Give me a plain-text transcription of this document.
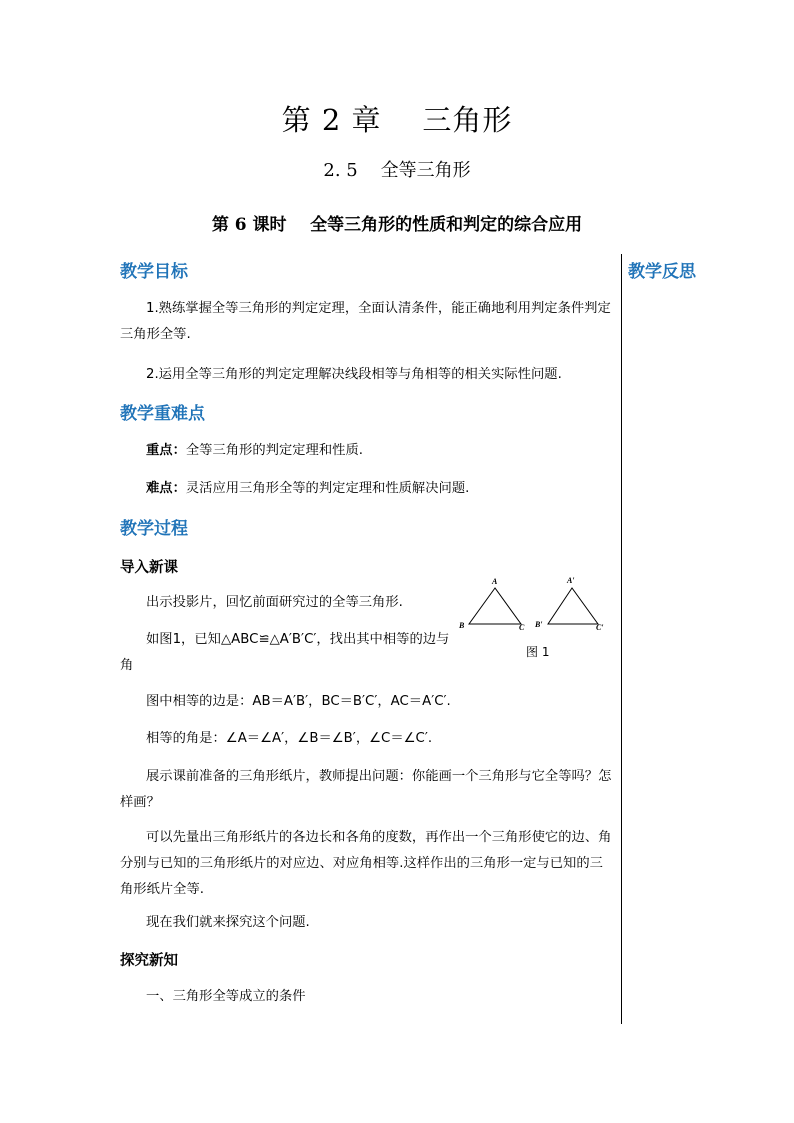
第 2 章    三角形
2. 5    全等三角形
第 6 课时    全等三角形的性质和判定的综合应用
教学反思
教学目标
1.熟练掌握全等三角形的判定定理，全面认清条件，能正确地利用判定条件判定三角形全等.
2.运用全等三角形的判定定理解决线段相等与角相等的相关实际性问题.
教学重难点
重点：全等三角形的判定定理和性质.
难点：灵活应用三角形全等的判定定理和性质解决问题.
教学过程
导入新课
出示投影片，回忆前面研究过的全等三角形.
如图1，已知△ABC≌△A′B′C′，找出其中相等的边与角
图中相等的边是：AB＝A′B′，BC＝B′C′，AC＝A′C′.
相等的角是：∠A＝∠A′，∠B＝∠B′，∠C＝∠C′.
展示课前准备的三角形纸片，教师提出问题：你能画一个三角形与它全等吗？怎样画？
可以先量出三角形纸片的各边长和各角的度数，再作出一个三角形使它的边、角分别与已知的三角形纸片的对应边、对应角相等.这样作出的三角形一定与已知的三角形纸片全等.
现在我们就来探究这个问题.
探究新知
一、三角形全等成立的条件
A
B	C
A′
B′	C′
图 1
